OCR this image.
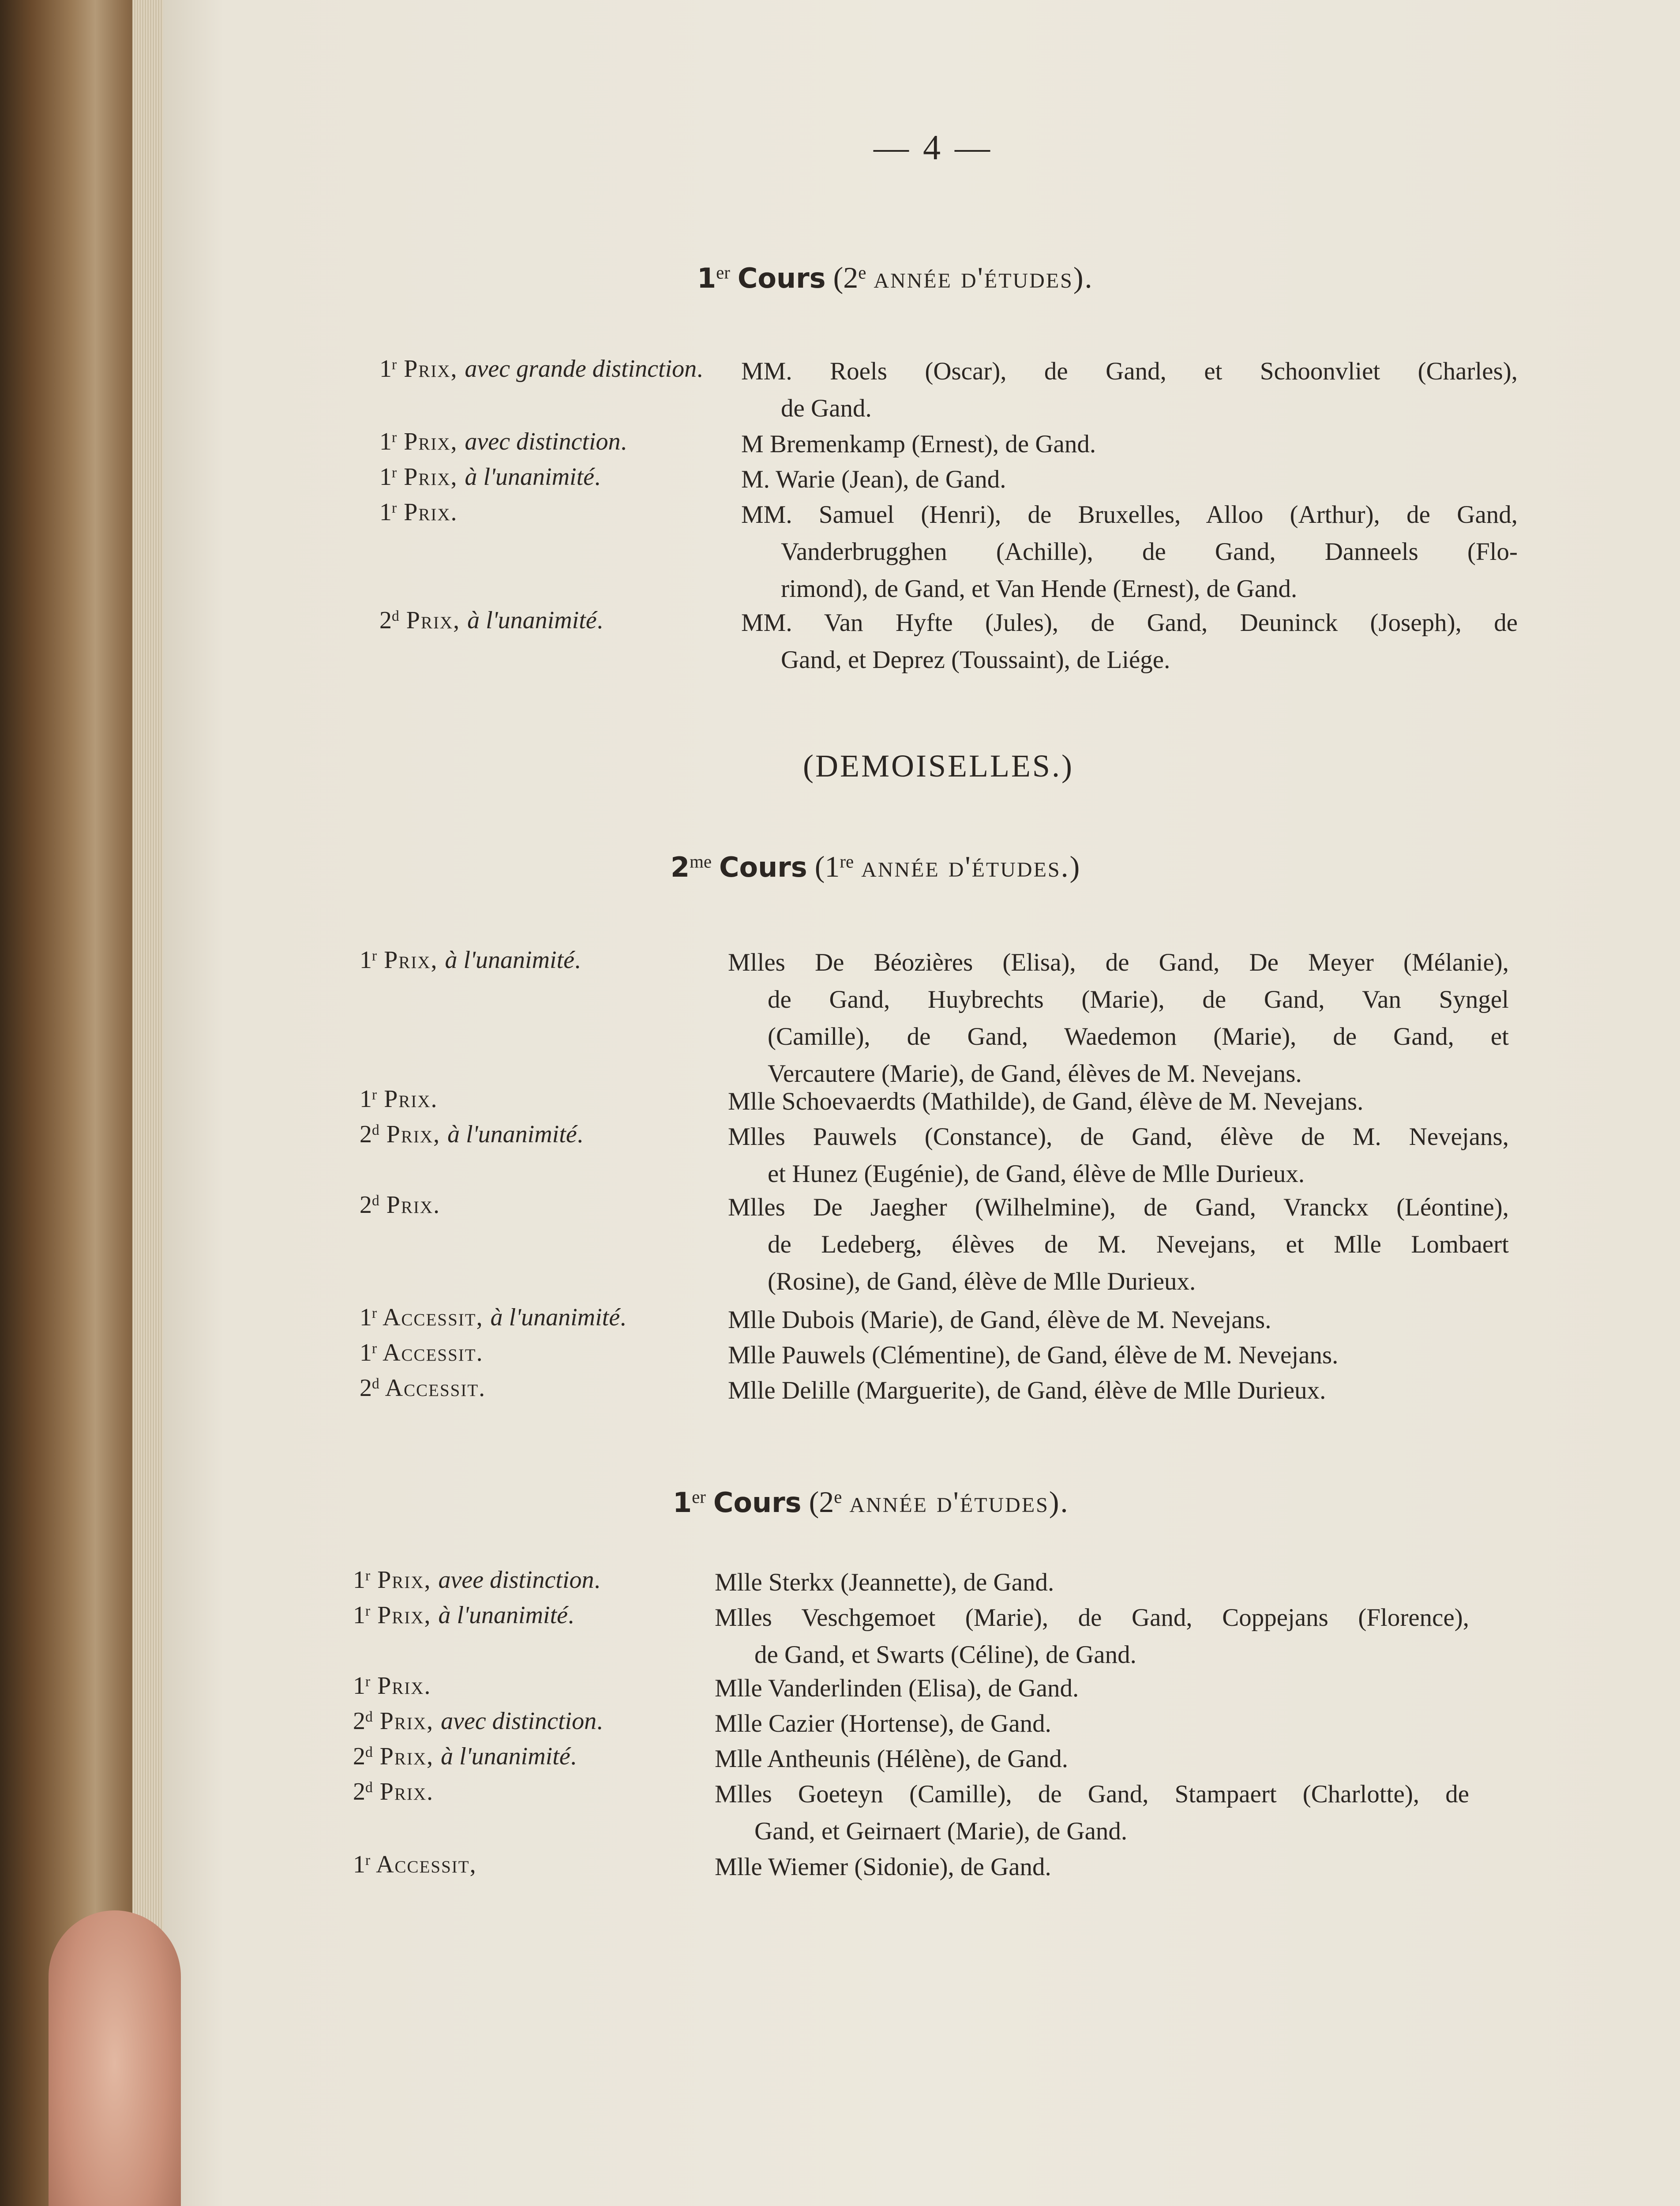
— 4 —
1er Cours (2e année d'études).
1$^r$ Prix, avec grande distinction. MM. Roels (Oscar), de Gand, et Schoonvliet (Charles),
de Gand.
1$^r$ Prix, avec distinction.	M Bremenkamp (Ernest), de Gand.
1$^r$ Prix, à l'unanimité.	M. Warie (Jean), de Gand.
1$^r$ Prix.	MM. Samuel (Henri), de Bruxelles, Alloo (Arthur), de Gand,
Vanderbrugghen (Achille), de Gand, Danneels (Flo-
rimond), de Gand, et Van Hende (Ernest), de Gand.
2$^d$ Prix, à l'unanimité.	MM. Van Hyfte (Jules), de Gand, Deuninck (Joseph), de
Gand, et Deprez (Toussaint), de Liége.
(DEMOISELLES.)
$2^{me}$ Cours (1re année d'études.)
1$^r$ Prix, à l'unanimité.	Mlles De Béozières (Elisa), de Gand, De Meyer (Mélanie),
de Gand, Huybrechts (Marie), de Gand, Van Syngel
(Camille), de Gand, Waedemon (Marie), de Gand, et
Vercautere (Marie), de Gand, élèves de M. Nevejans.
1$^r$ Prix.	Mlle Schoevaerdts (Mathilde), de Gand, élève de M. Nevejans.
2$^d$ Prix, à l'unanimité.	Mlles Pauwels (Constance), de Gand, élève de M. Nevejans,
et Hunez (Eugénie), de Gand, élève de Mlle Durieux.
2$^d$ Prix.	Mlles De Jaegher (Wilhelmine), de Gand, Vranckx (Léontine),
de Ledeberg, élèves de M. Nevejans, et Mlle Lombaert
(Rosine), de Gand, élève de Mlle Durieux.
1$^r$ Accessit, à l'unanimité.	Mlle Dubois (Marie), de Gand, élève de M. Nevejans.
1$^r$ Accessit.	Mlle Pauwels (Clémentine), de Gand, élève de M. Nevejans.
2$^d$ Accessit.	Mlle Delille (Marguerite), de Gand, élève de Mlle Durieux.
1er Cours (2e année d'études).
1$^r$ Prix, avee distinction.	Mlle Sterkx (Jeannette), de Gand.
1$^r$ Prix, à l'unanimité.	Mlles Veschgemoet (Marie), de Gand, Coppejans (Florence),
de Gand, et Swarts (Céline), de Gand.
1$^r$ Prix.	Mlle Vanderlinden (Elisa), de Gand.
2$^d$ Prix, avec distinction.	Mlle Cazier (Hortense), de Gand.
2$^d$ Prix, à l'unanimité.	Mlle Antheunis (Hélène), de Gand.
2$^d$ Prix.	Mlles Goeteyn (Camille), de Gand, Stampaert (Charlotte), de
Gand, et Geirnaert (Marie), de Gand.
1$^r$ Accessit,	Mlle Wiemer (Sidonie), de Gand.
